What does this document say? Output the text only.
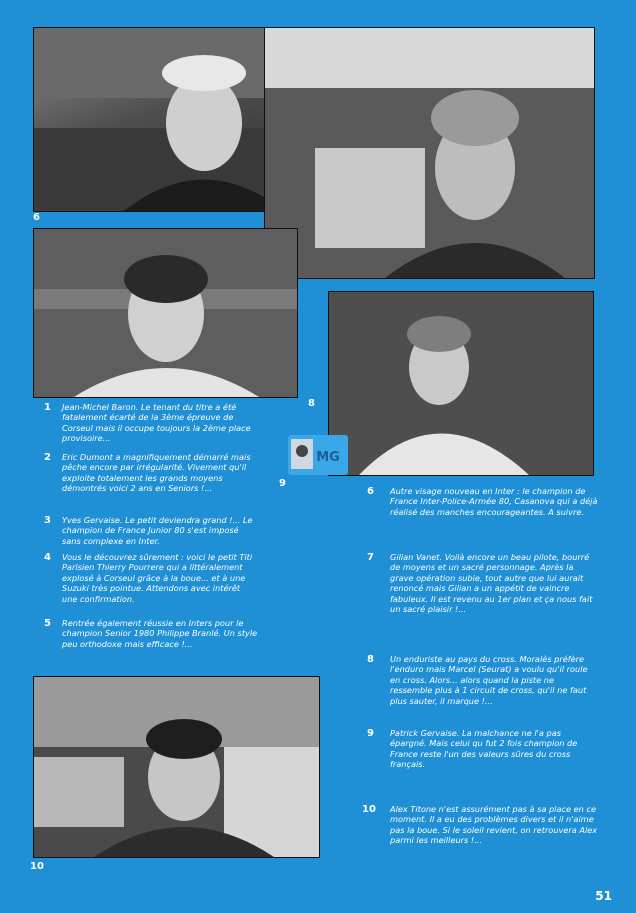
6
8
9
10
MG
1 Jean-Michel Baron. Le tenant du titre a été fatalement écarté de la 3ème épreuve de Corseul mais il occupe toujours la 2ème place provisoire...

2 Eric Dumont a magnifiquement démarré mais pêche encore par irrégularité. Vivement qu'il exploite totalement les grands moyens démontrés voici 2 ans en Seniors !...

3 Yves Gervaise. Le petit deviendra grand !... Le champion de France Junior 80 s'est imposé sans complexe en Inter.

4 Vous le découvrez sûrement : voici le petit Titi Parisien Thierry Pourrere qui a littéralement explosé à Corseul grâce à la boue... et à une Suzuki très pointue. Attendons avec intérêt une confirmation.

5 Rentrée également réussie en Inters pour le champion Senior 1980 Philippe Branlé. Un style peu orthodoxe mais efficace !...

6 Autre visage nouveau en Inter : le champion de France Inter-Police-Armée 80, Casanova qui a déjà réalisé des manches encourageantes. A suivre.

7 Gilian Vanet. Voilà encore un beau pilote, bourré de moyens et un sacré personnage. Après la grave opération subie, tout autre que lui aurait renoncé mais Gilian a un appétit de vaincre fabuleux. Il est revenu au 1er plan et ça nous fait un sacré plaisir !...

8 Un enduriste au pays du cross. Moralès préfère l'enduro mais Marcel (Seurat) a voulu qu'il roule en cross. Alors... alors quand la piste ne ressemble plus à 1 circuit de cross, qu'il ne faut plus sauter, il marque !...

9 Patrick Gervaise. La malchance ne l'a pas épargné. Mais celui qu fut 2 fois champion de France reste l'un des valeurs sûres du cross français.

10 Alex Titone n'est assurément pas à sa place en ce moment. Il a eu des problèmes divers et il n'aime pas la boue. Si le soleil revient, on retrouvera Alex parmi les meilleurs !...

51
